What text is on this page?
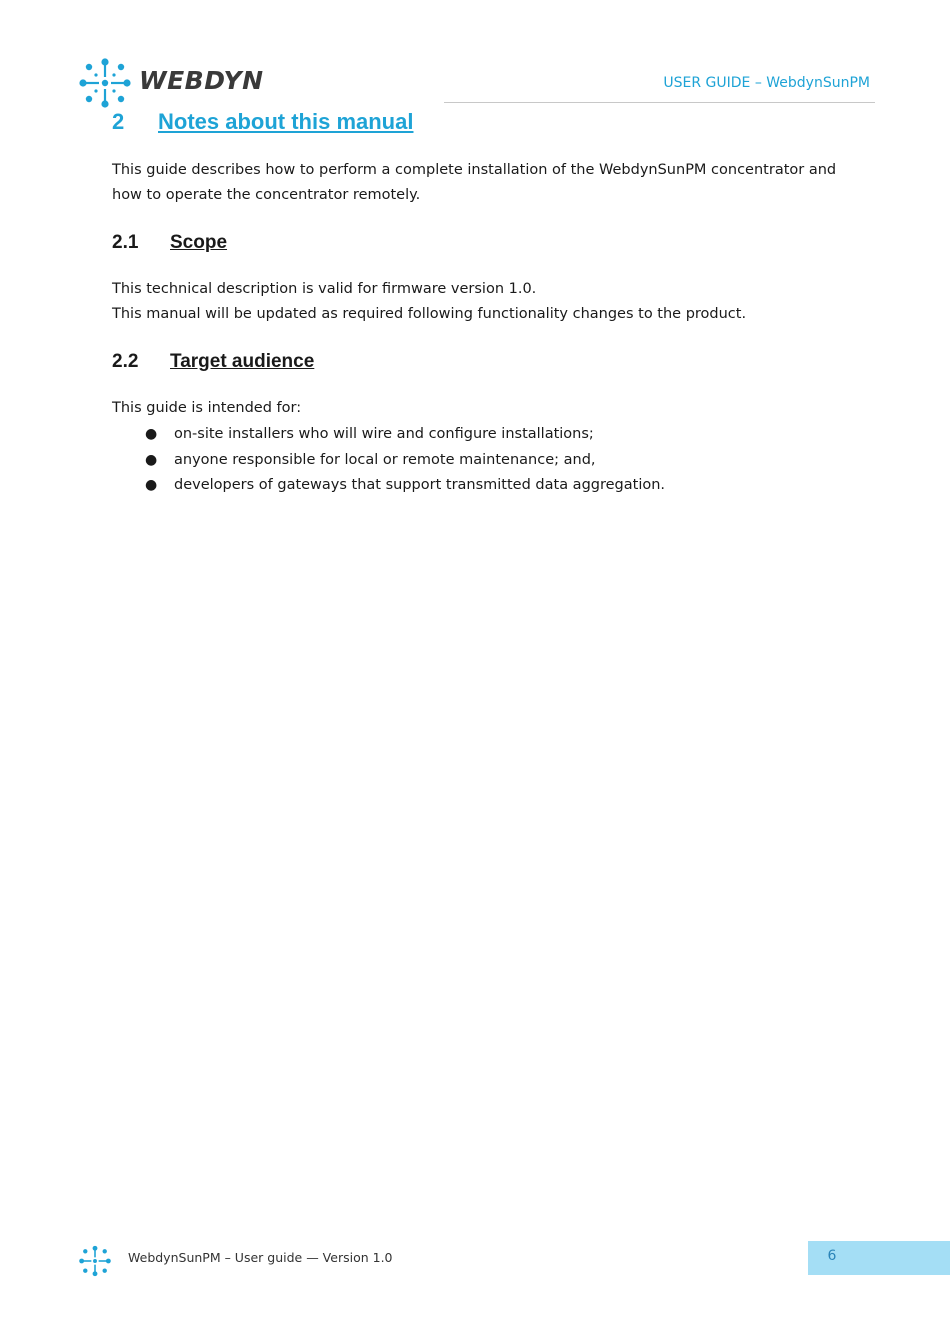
WEBDYN	USER GUIDE – WebdynSunPM
2 Notes about this manual
This guide describes how to perform a complete installation of the WebdynSunPM concentrator and how to operate the concentrator remotely.
2.1 Scope
This technical description is valid for firmware version 1.0.
This manual will be updated as required following functionality changes to the product.
2.2 Target audience
This guide is intended for:
● on-site installers who will wire and configure installations;
● anyone responsible for local or remote maintenance; and,
● developers of gateways that support transmitted data aggregation.
WebdynSunPM – User guide — Version 1.0	6
